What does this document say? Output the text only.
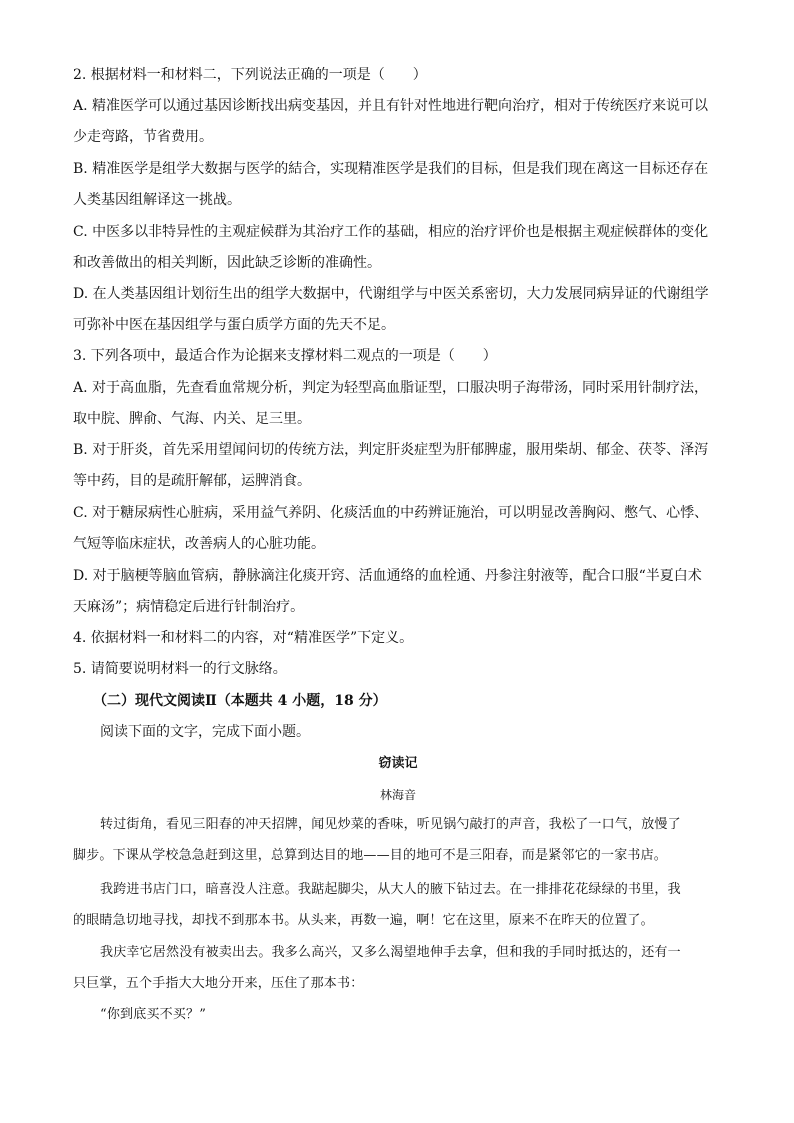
2. 根据材料一和材料二，下列说法正确的一项是（　　）
A. 精准医学可以通过基因诊断找出病变基因，并且有针对性地进行靶向治疗，相对于传统医疗来说可以
少走弯路，节省费用。
B. 精准医学是组学大数据与医学的結合，实现精准医学是我们的目标，但是我们现在离这一目标还存在
人类基因组解译这一挑战。
C. 中医多以非特异性的主观症候群为其治疗工作的基础，相应的治疗评价也是根据主观症候群体的变化
和改善做出的相关判断，因此缺乏诊断的准确性。
D. 在人类基因组计划衍生出的组学大数据中，代谢组学与中医关系密切，大力发展同病异证的代谢组学
可弥补中医在基因组学与蛋白质学方面的先天不足。
3. 下列各项中，最适合作为论据来支撑材料二观点的一项是（　　）
A. 对于高血脂，先查看血常规分析，判定为轻型高血脂证型，口服决明子海带汤，同时采用针制疗法，
取中脘、脾俞、气海、内关、足三里。
B. 对于肝炎，首先采用望闻问切的传统方法，判定肝炎症型为肝郁脾虚，服用柴胡、郁金、茯苓、泽泻
等中药，目的是疏肝解郁，运脾消食。
C. 对于糖尿病性心脏病，采用益气养阴、化痰活血的中药辨证施治，可以明显改善胸闷、憋气、心悸、
气短等临床症状，改善病人的心脏功能。
D. 对于脑梗等脑血管病，静脉滴注化痰开窍、活血通络的血栓通、丹参注射液等，配合口服“半夏白术
天麻汤”；病情稳定后进行针制治疗。
4. 依据材料一和材料二的内容，对“精准医学”下定义。
5. 请简要说明材料一的行文脉络。
（二）现代文阅读Ⅱ（本题共 4 小题，18 分）
阅读下面的文字，完成下面小题。
窃读记
林海音
转过街角，看见三阳春的冲天招牌，闻见炒菜的香味，听见锅勺敲打的声音，我松了一口气，放慢了
脚步。下课从学校急急赶到这里，总算到达目的地——目的地可不是三阳春，而是紧邻它的一家书店。
我跨进书店门口，暗喜没人注意。我踮起脚尖，从大人的腋下钻过去。在一排排花花绿绿的书里，我
的眼睛急切地寻找，却找不到那本书。从头来，再数一遍，啊！它在这里，原来不在昨天的位置了。
我庆幸它居然没有被卖出去。我多么高兴，又多么渴望地伸手去拿，但和我的手同时抵达的，还有一
只巨掌，五个手指大大地分开来，压住了那本书：
“你到底买不买？”
